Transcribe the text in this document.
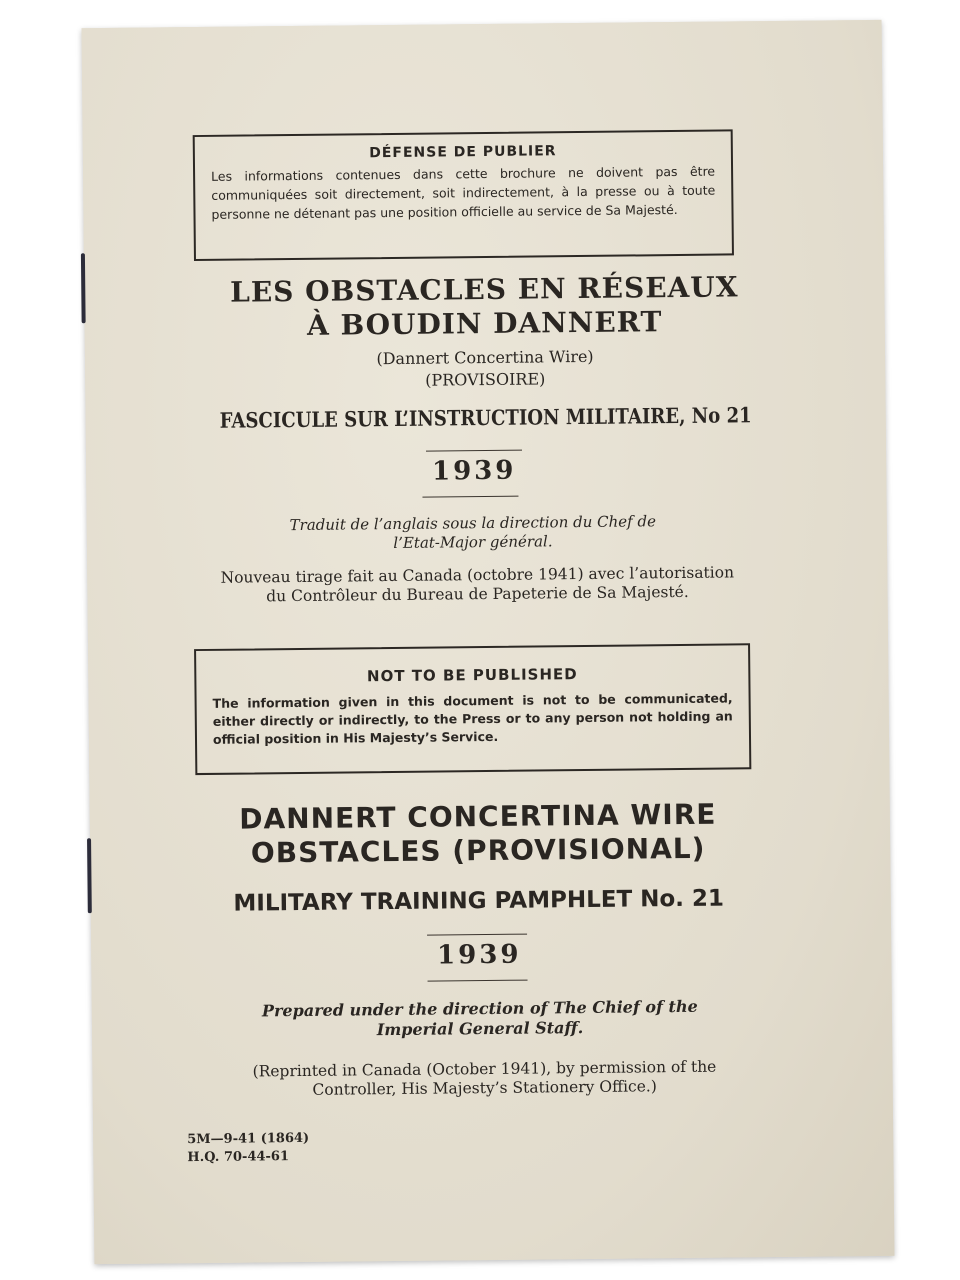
DÉFENSE DE PUBLIER
Les informations contenues dans cette brochure ne doivent pas être communiquées soit directement, soit indirectement, à la presse ou à toute personne ne détenant pas une position officielle au service de Sa Majesté.
LES OBSTACLES EN RÉSEAUX
À BOUDIN DANNERT
(Dannert Concertina Wire)
(PROVISOIRE)
FASCICULE SUR L’INSTRUCTION MILITAIRE, No 21
1939
Traduit de l’anglais sous la direction du Chef de
l’Etat-Major général.
Nouveau tirage fait au Canada (octobre 1941) avec l’autorisation
du Contrôleur du Bureau de Papeterie de Sa Majesté.
NOT TO BE PUBLISHED
The information given in this document is not to be communicated, either directly or indirectly, to the Press or to any person not holding an official position in His Majesty’s Service.
DANNERT CONCERTINA WIRE
OBSTACLES (PROVISIONAL)
MILITARY TRAINING PAMPHLET No. 21
1939
Prepared under the direction of The Chief of the
Imperial General Staff.
(Reprinted in Canada (October 1941), by permission of the
Controller, His Majesty’s Stationery Office.)
5M—9-41 (1864)
H.Q. 70-44-61
